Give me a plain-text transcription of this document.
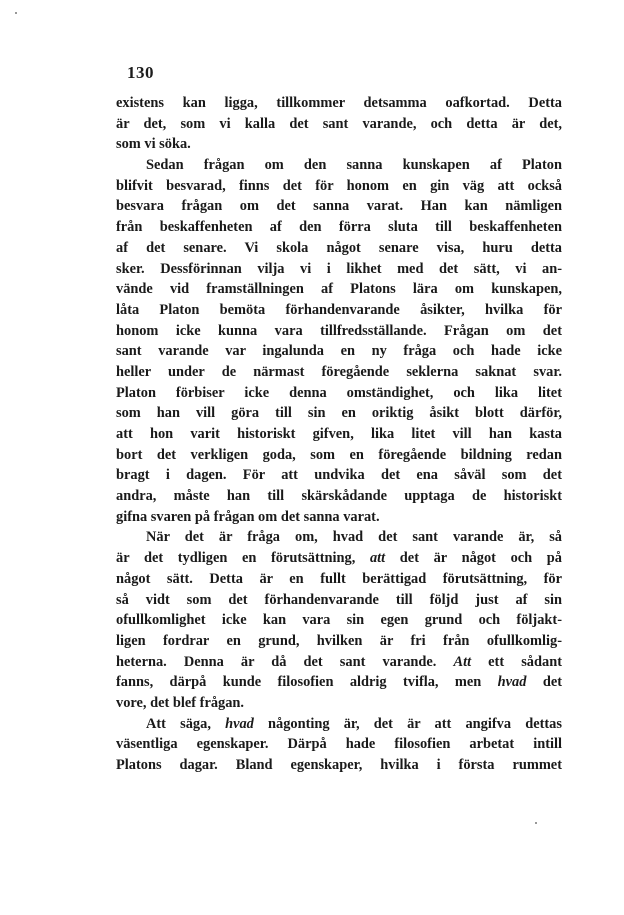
130
existens kan ligga, tillkommer detsamma oafkortad. Detta
är det, som vi kalla det sant varande, och detta är det,
som vi söka.
Sedan frågan om den sanna kunskapen af Platon
blifvit besvarad, finns det för honom en gin väg att också
besvara frågan om det sanna varat. Han kan nämligen
från beskaffenheten af den förra sluta till beskaffenheten
af det senare. Vi skola något senare visa, huru detta
sker. Dessförinnan vilja vi i likhet med det sätt, vi an-
vände vid framställningen af Platons lära om kunskapen,
låta Platon bemöta förhandenvarande åsikter, hvilka för
honom icke kunna vara tillfredsställande. Frågan om det
sant varande var ingalunda en ny fråga och hade icke
heller under de närmast föregående seklerna saknat svar.
Platon förbiser icke denna omständighet, och lika litet
som han vill göra till sin en oriktig åsikt blott därför,
att hon varit historiskt gifven, lika litet vill han kasta
bort det verkligen goda, som en föregående bildning redan
bragt i dagen. För att undvika det ena såväl som det
andra, måste han till skärskådande upptaga de historiskt
gifna svaren på frågan om det sanna varat.
När det är fråga om, hvad det sant varande är, så
är det tydligen en förutsättning, att det är något och på
något sätt. Detta är en fullt berättigad förutsättning, för
så vidt som det förhandenvarande till följd just af sin
ofullkomlighet icke kan vara sin egen grund och följakt-
ligen fordrar en grund, hvilken är fri från ofullkomlig-
heterna. Denna är då det sant varande. Att ett sådant
fanns, därpå kunde filosofien aldrig tvifla, men hvad det
vore, det blef frågan.
Att säga, hvad någonting är, det är att angifva dettas
väsentliga egenskaper. Därpå hade filosofien arbetat intill
Platons dagar. Bland egenskaper, hvilka i första rummet
